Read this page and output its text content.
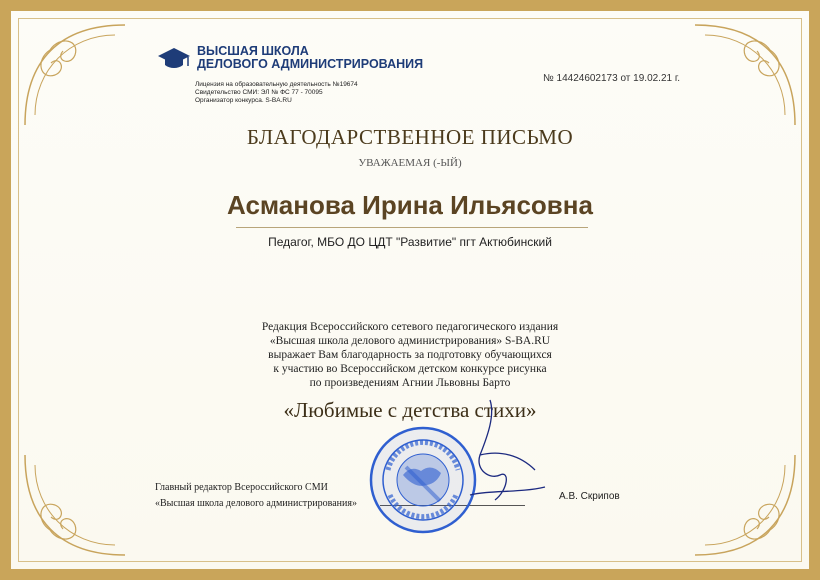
ВЫСШАЯ ШКОЛА
ДЕЛОВОГО АДМИНИСТРИРОВАНИЯ
Лицензия на образовательную деятельность №19674
Свидетельство СМИ: ЭЛ № ФС 77 - 70095
Организатор конкурса. S-BA.RU
№ 14424602173 от 19.02.21 г.
БЛАГОДАРСТВЕННОЕ ПИСЬМО
УВАЖАЕМАЯ (-ЫЙ)
Асманова Ирина Ильясовна
Педагог, МБО ДО ЦДТ "Развитие" пгт Актюбинский
Редакция Всероссийского сетевого педагогического издания
«Высшая школа делового администрирования» S-BA.RU
выражает Вам благодарность за подготовку обучающихся
к участию во Всероссийском детском конкурсе рисунка
по произведениям Агнии Львовны Барто
«Любимые с детства стихи»
Главный редактор Всероссийского СМИ
«Высшая школа делового администрирования»
А.В. Скрипов
